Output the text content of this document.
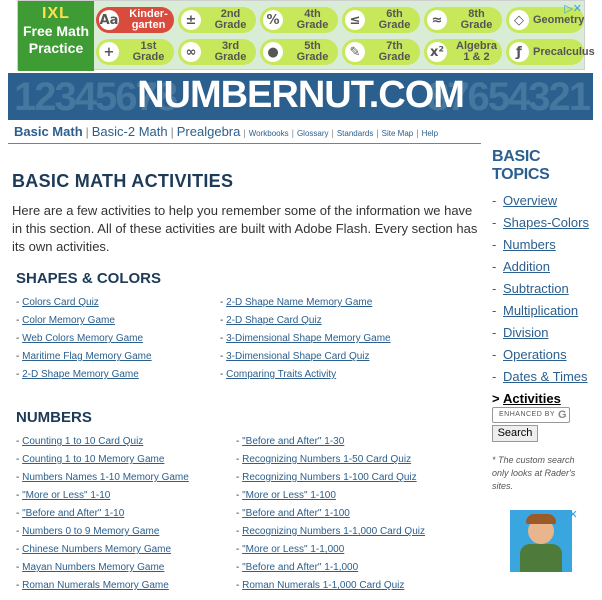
IXL
Free Math
Practice
Aa Kinder-
garten	±	2nd
Grade	%	4th
Grade	≤	6th
Grade	≈	8th
Grade	◇ Geometry
+	1st
Grade	∞	3rd
Grade	●	5th
Grade	✎	7th
Grade	x²	Algebra
1 & 2	ƒ	Precalculus
▷✕
12345678	87654321
NUMBERNUT.COM
Basic Math | Basic-2 Math | Prealgebra | Workbooks | Glossary | Standards | Site Map | Help
BASIC MATH ACTIVITIES

Here are a few activities to help you remember some of the information we have in this section. All of these activities are built with Adobe Flash. Every section has its own activities.

SHAPES & COLORS
- Colors Card Quiz
- Color Memory Game
- Web Colors Memory Game
- Maritime Flag Memory Game
- 2-D Shape Memory Game
- 2-D Shape Name Memory Game
- 2-D Shape Card Quiz
- 3-Dimensional Shape Memory Game
- 3-Dimensional Shape Card Quiz
- Comparing Traits Activity
NUMBERS
- Counting 1 to 10 Card Quiz
- Counting 1 to 10 Memory Game
- Numbers Names 1-10 Memory Game
- "More or Less" 1-10
- "Before and After" 1-10
- Numbers 0 to 9 Memory Game
- Chinese Numbers Memory Game
- Mayan Numbers Memory Game
- Roman Numerals Memory Game
- "Before and After" 1-30
- Recognizing Numbers 1-50 Card Quiz
- Recognizing Numbers 1-100 Card Quiz
- "More or Less" 1-100
- "Before and After" 1-100
- Recognizing Numbers 1-1,000 Card Quiz
- "More or Less" 1-1,000
- "Before and After" 1-1,000
- Roman Numerals 1-1,000 Card Quiz
BASIC TOPICS
- Overview
- Shapes-Colors
- Numbers
- Addition
- Subtraction
- Multiplication
- Division
- Operations
- Dates & Times
> Activities
ENHANCED BY G
Search
* The custom search only looks at Rader's sites.
▷✕
